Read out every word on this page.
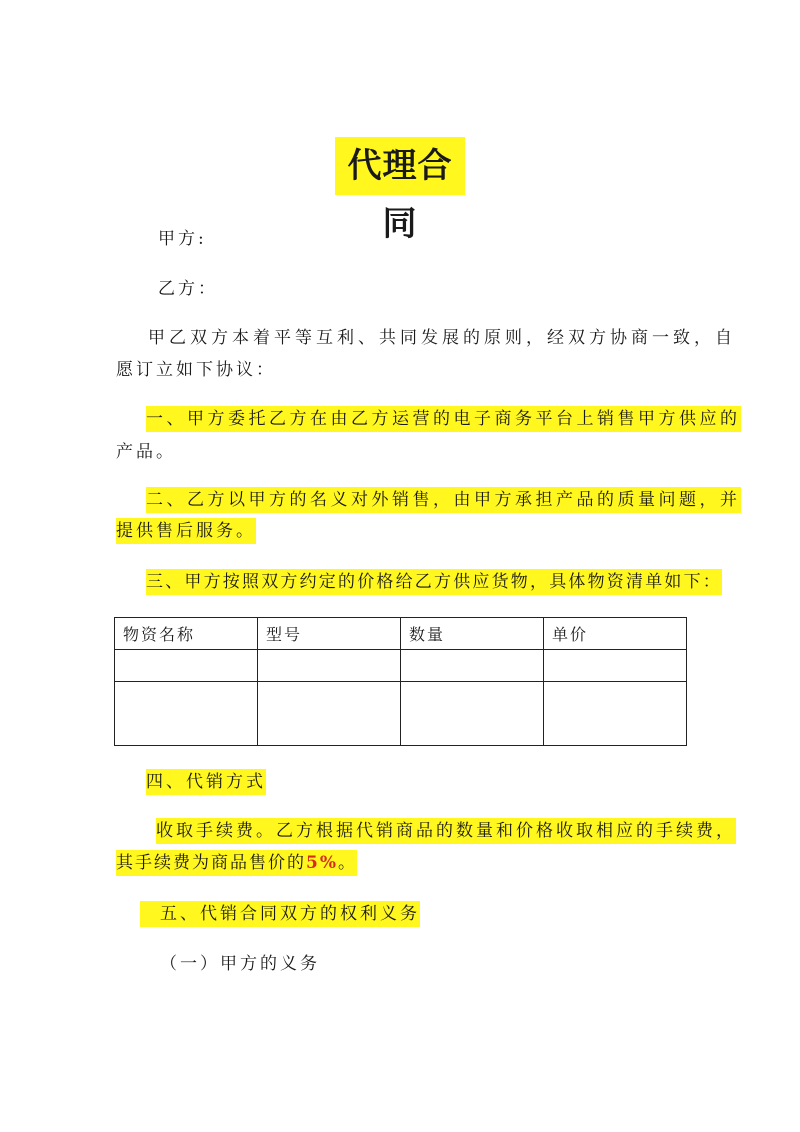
代理合同
甲方:
乙方：
甲乙双方本着平等互利、共同发展的原则，经双方协商一致，自
愿订立如下协议：
一、甲方委托乙方在由乙方运营的电子商务平台上销售甲方供应的
产品。
二、乙方以甲方的名义对外销售，由甲方承担产品的质量问题，并
提供售后服务。
三、甲方按照双方约定的价格给乙方供应货物，具体物资清单如下：
物资名称	型号	数量	单价

四、代销方式
收取手续费。乙方根据代销商品的数量和价格收取相应的手续费，
其手续费为商品售价的5%。
五、代销合同双方的权利义务
（一）甲方的义务
